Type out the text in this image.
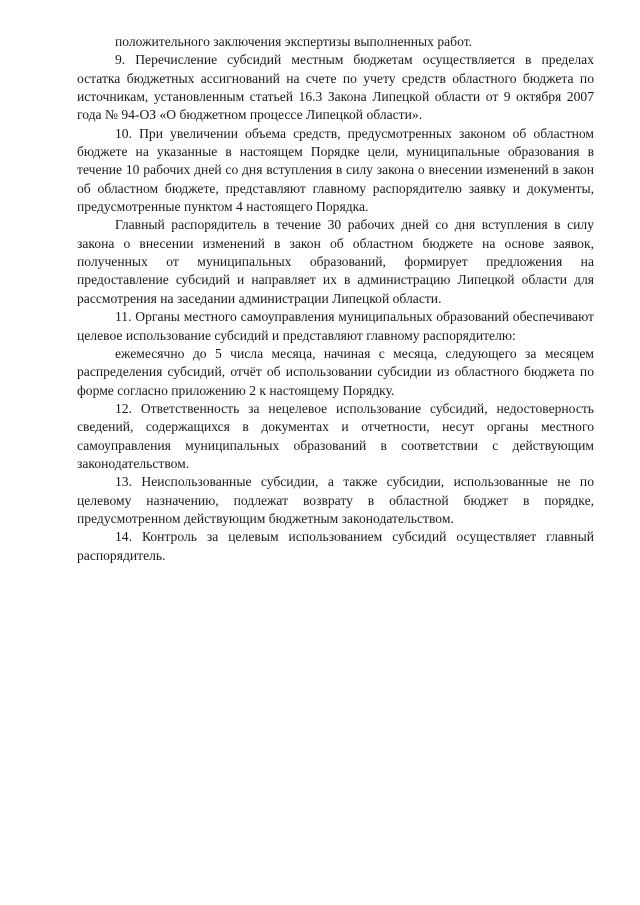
положительного заключения экспертизы выполненных работ.

9. Перечисление субсидий местным бюджетам осуществляется в пределах остатка бюджетных ассигнований на счете по учету средств областного бюджета по источникам, установленным статьей 16.3 Закона Липецкой области от 9 октября 2007 года № 94-ОЗ «О бюджетном процессе Липецкой области».

10. При увеличении объема средств, предусмотренных законом об областном бюджете на указанные в настоящем Порядке цели, муниципальные образования в течение 10 рабочих дней со дня вступления в силу закона о внесении изменений в закон об областном бюджете, представляют главному распорядителю заявку и документы, предусмотренные пунктом 4 настоящего Порядка.

Главный распорядитель в течение 30 рабочих дней со дня вступления в силу закона о внесении изменений в закон об областном бюджете на основе заявок, полученных от муниципальных образований, формирует предложения на предоставление субсидий и направляет их в администрацию Липецкой области для рассмотрения на заседании администрации Липецкой области.

11. Органы местного самоуправления муниципальных образований обеспечивают целевое использование субсидий и представляют главному распорядителю:

ежемесячно до 5 числа месяца, начиная с месяца, следующего за месяцем распределения субсидий, отчёт об использовании субсидии из областного бюджета по форме согласно приложению 2 к настоящему Порядку.

12. Ответственность за нецелевое использование субсидий, недостоверность сведений, содержащихся в документах и отчетности, несут органы местного самоуправления муниципальных образований в соответствии с действующим законодательством.

13. Неиспользованные субсидии, а также субсидии, использованные не по целевому назначению, подлежат возврату в областной бюджет в порядке, предусмотренном действующим бюджетным законодательством.

14. Контроль за целевым использованием субсидий осуществляет главный распорядитель.
